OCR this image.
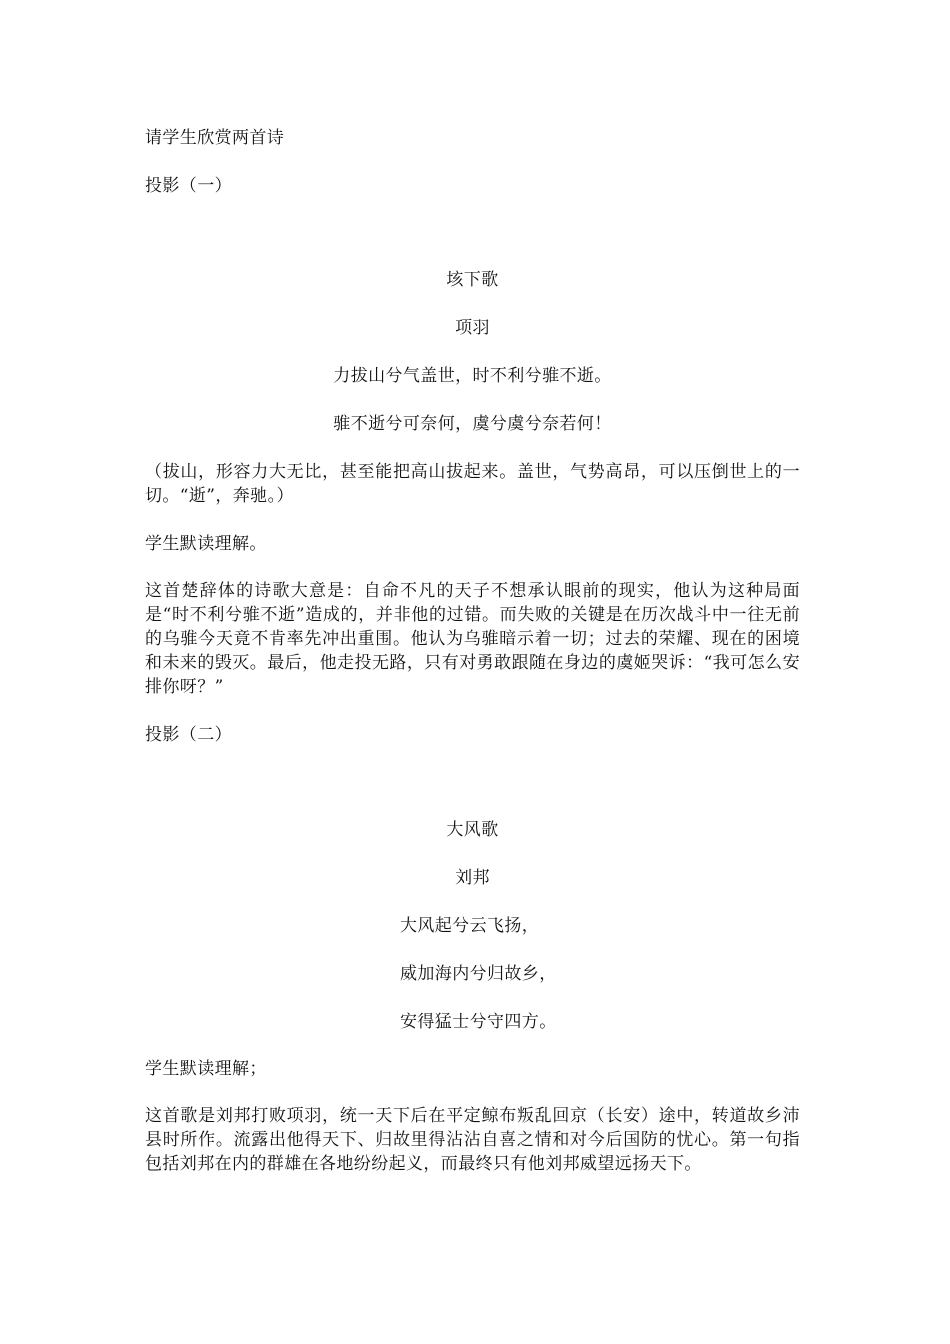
请学生欣赏两首诗

投影（一）

垓下歌

项羽

力拔山兮气盖世，时不利兮骓不逝。

骓不逝兮可奈何，虞兮虞兮奈若何！

（拔山，形容力大无比，甚至能把高山拔起来。盖世，气势高昂，可以压倒世上的一切。“逝”，奔驰。）

学生默读理解。

这首楚辞体的诗歌大意是：自命不凡的天子不想承认眼前的现实，他认为这种局面是“时不利兮骓不逝”造成的，并非他的过错。而失败的关键是在历次战斗中一往无前的乌骓今天竟不肯率先冲出重围。他认为乌骓暗示着一切；过去的荣耀、现在的困境和未来的毁灭。最后，他走投无路，只有对勇敢跟随在身边的虞姬哭诉：“我可怎么安排你呀？”

投影（二）

大风歌

刘邦

大风起兮云飞扬，

威加海内兮归故乡，

安得猛士兮守四方。

学生默读理解；

这首歌是刘邦打败项羽，统一天下后在平定鲸布叛乱回京（长安）途中，转道故乡沛县时所作。流露出他得天下、归故里得沾沾自喜之情和对今后国防的忧心。第一句指包括刘邦在内的群雄在各地纷纷起义，而最终只有他刘邦威望远扬天下。
